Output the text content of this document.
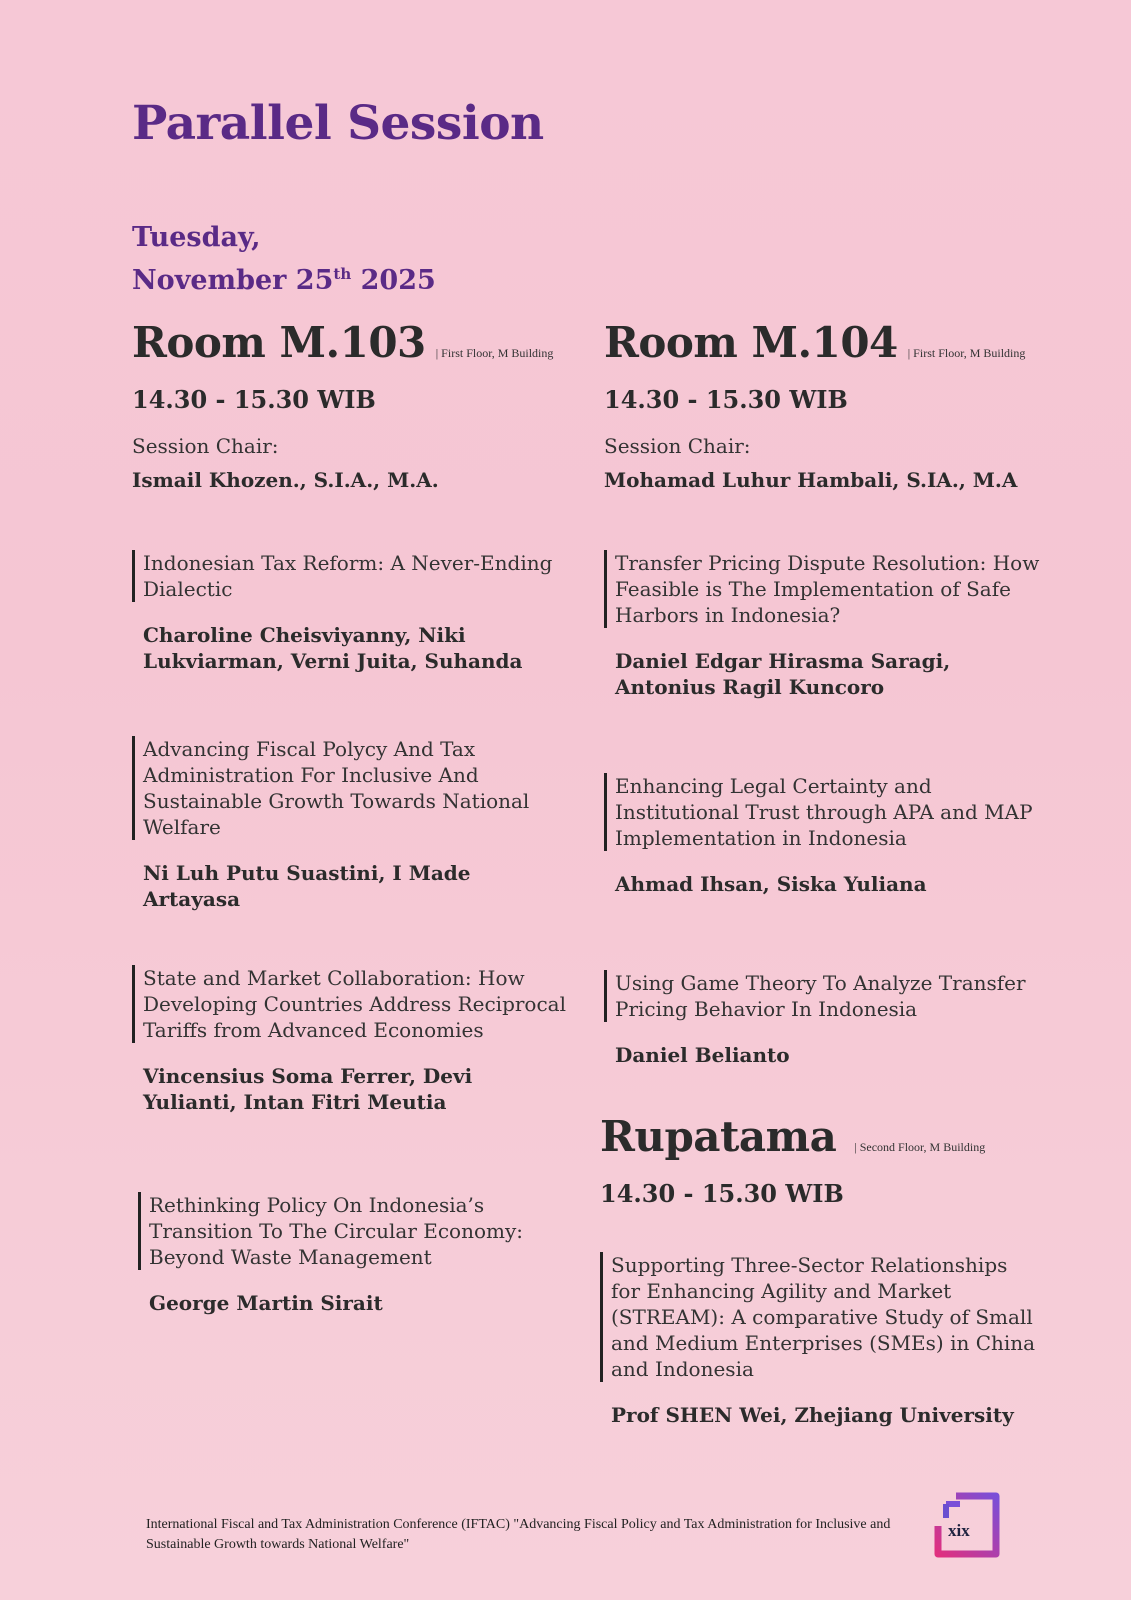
Parallel Session
Tuesday,
November 25th 2025
Room M.103 | First Floor, M Building
14.30 - 15.30 WIB
Session Chair:
Ismail Khozen., S.I.A., M.A.
Indonesian Tax Reform: A Never-Ending Dialectic
Charoline Cheisviyanny, Niki Lukviarman, Verni Juita, Suhanda
Advancing Fiscal Polycy And Tax Administration For Inclusive And Sustainable Growth Towards National Welfare
Ni Luh Putu Suastini, I Made Artayasa
State and Market Collaboration: How Developing Countries Address Reciprocal Tariffs from Advanced Economies
Vincensius Soma Ferrer, Devi Yulianti, Intan Fitri Meutia
Rethinking Policy On Indonesia’s Transition To The Circular Economy: Beyond Waste Management
George Martin Sirait
Room M.104 | First Floor, M Building
14.30 - 15.30 WIB
Session Chair:
Mohamad Luhur Hambali, S.IA., M.A
Transfer Pricing Dispute Resolution: How Feasible is The Implementation of Safe Harbors in Indonesia?
Daniel Edgar Hirasma Saragi, Antonius Ragil Kuncoro
Enhancing Legal Certainty and Institutional Trust through APA and MAP Implementation in Indonesia
Ahmad Ihsan, Siska Yuliana
Using Game Theory To Analyze Transfer Pricing Behavior In Indonesia
Daniel Belianto
Rupatama | Second Floor, M Building
14.30 - 15.30 WIB
Supporting Three-Sector Relationships for Enhancing Agility and Market (STREAM): A comparative Study of Small and Medium Enterprises (SMEs) in China and Indonesia
Prof SHEN Wei, Zhejiang University
International Fiscal and Tax Administration Conference (IFTAC) "Advancing Fiscal Policy and Tax Administration for Inclusive and Sustainable Growth towards National Welfare"
xix
